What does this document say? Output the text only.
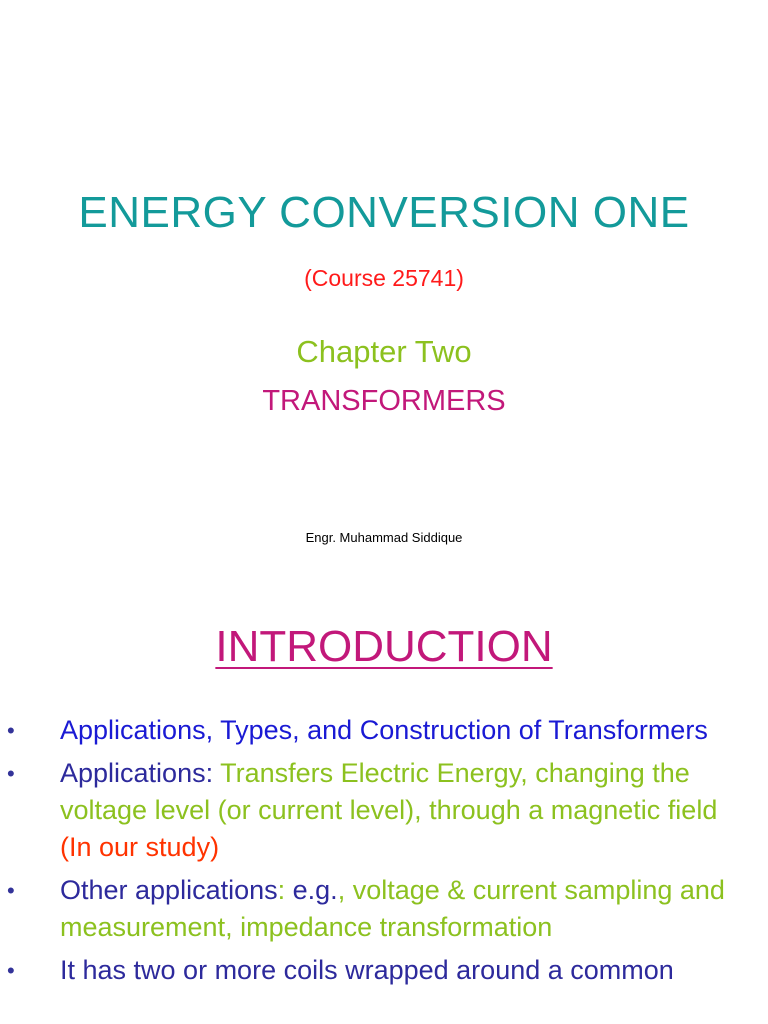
ENERGY CONVERSION ONE
(Course 25741)
Chapter Two
TRANSFORMERS
Engr. Muhammad Siddique
INTRODUCTION
• Applications, Types, and Construction of Transformers
• Applications: Transfers Electric Energy, changing the voltage level (or current level), through a magnetic field (In our study)
• Other applications: e.g., voltage & current sampling and measurement, impedance transformation
• It has two or more coils wrapped around a common
